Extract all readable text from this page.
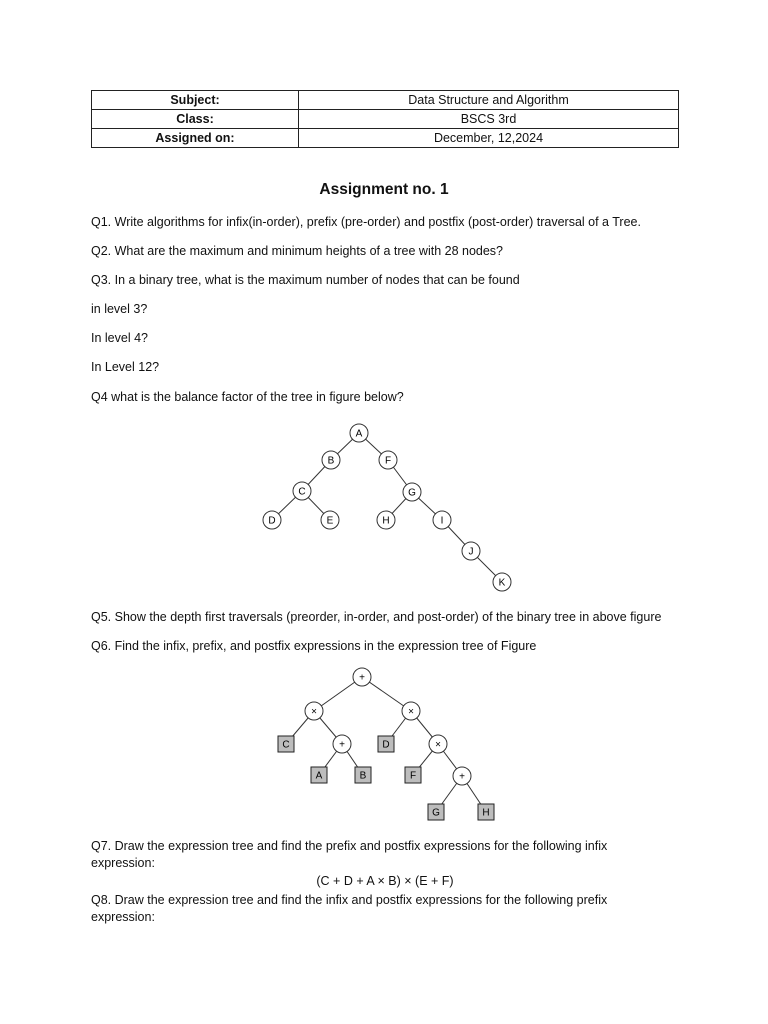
Subject:	Data Structure and Algorithm
Class:	BSCS 3rd
Assigned on:	December, 12,2024
Assignment no. 1
Q1. Write algorithms for infix(in-order), prefix (pre-order) and postfix (post-order) traversal of a Tree.
Q2. What are the maximum and minimum heights of a tree with 28 nodes?
Q3. In a binary tree, what is the maximum number of nodes that can be found
in level 3?
In level 4?
In Level 12?
Q4 what is the balance factor of the tree in figure below?
Q5. Show the depth first traversals (preorder, in-order, and post-order) of the binary tree in above figure
Q6. Find the infix, prefix, and postfix expressions in the expression tree of Figure
Q7. Draw the expression tree and find the prefix and postfix expressions for the following infix
expression:
(C + D + A × B) × (E + F)
Q8. Draw the expression tree and find the infix and postfix expressions for the following prefix
expression:
A
B	F
C	G
D	E	H	I
J
K
+
×	×
C	+	D	×
A	B	F	+
G	H
